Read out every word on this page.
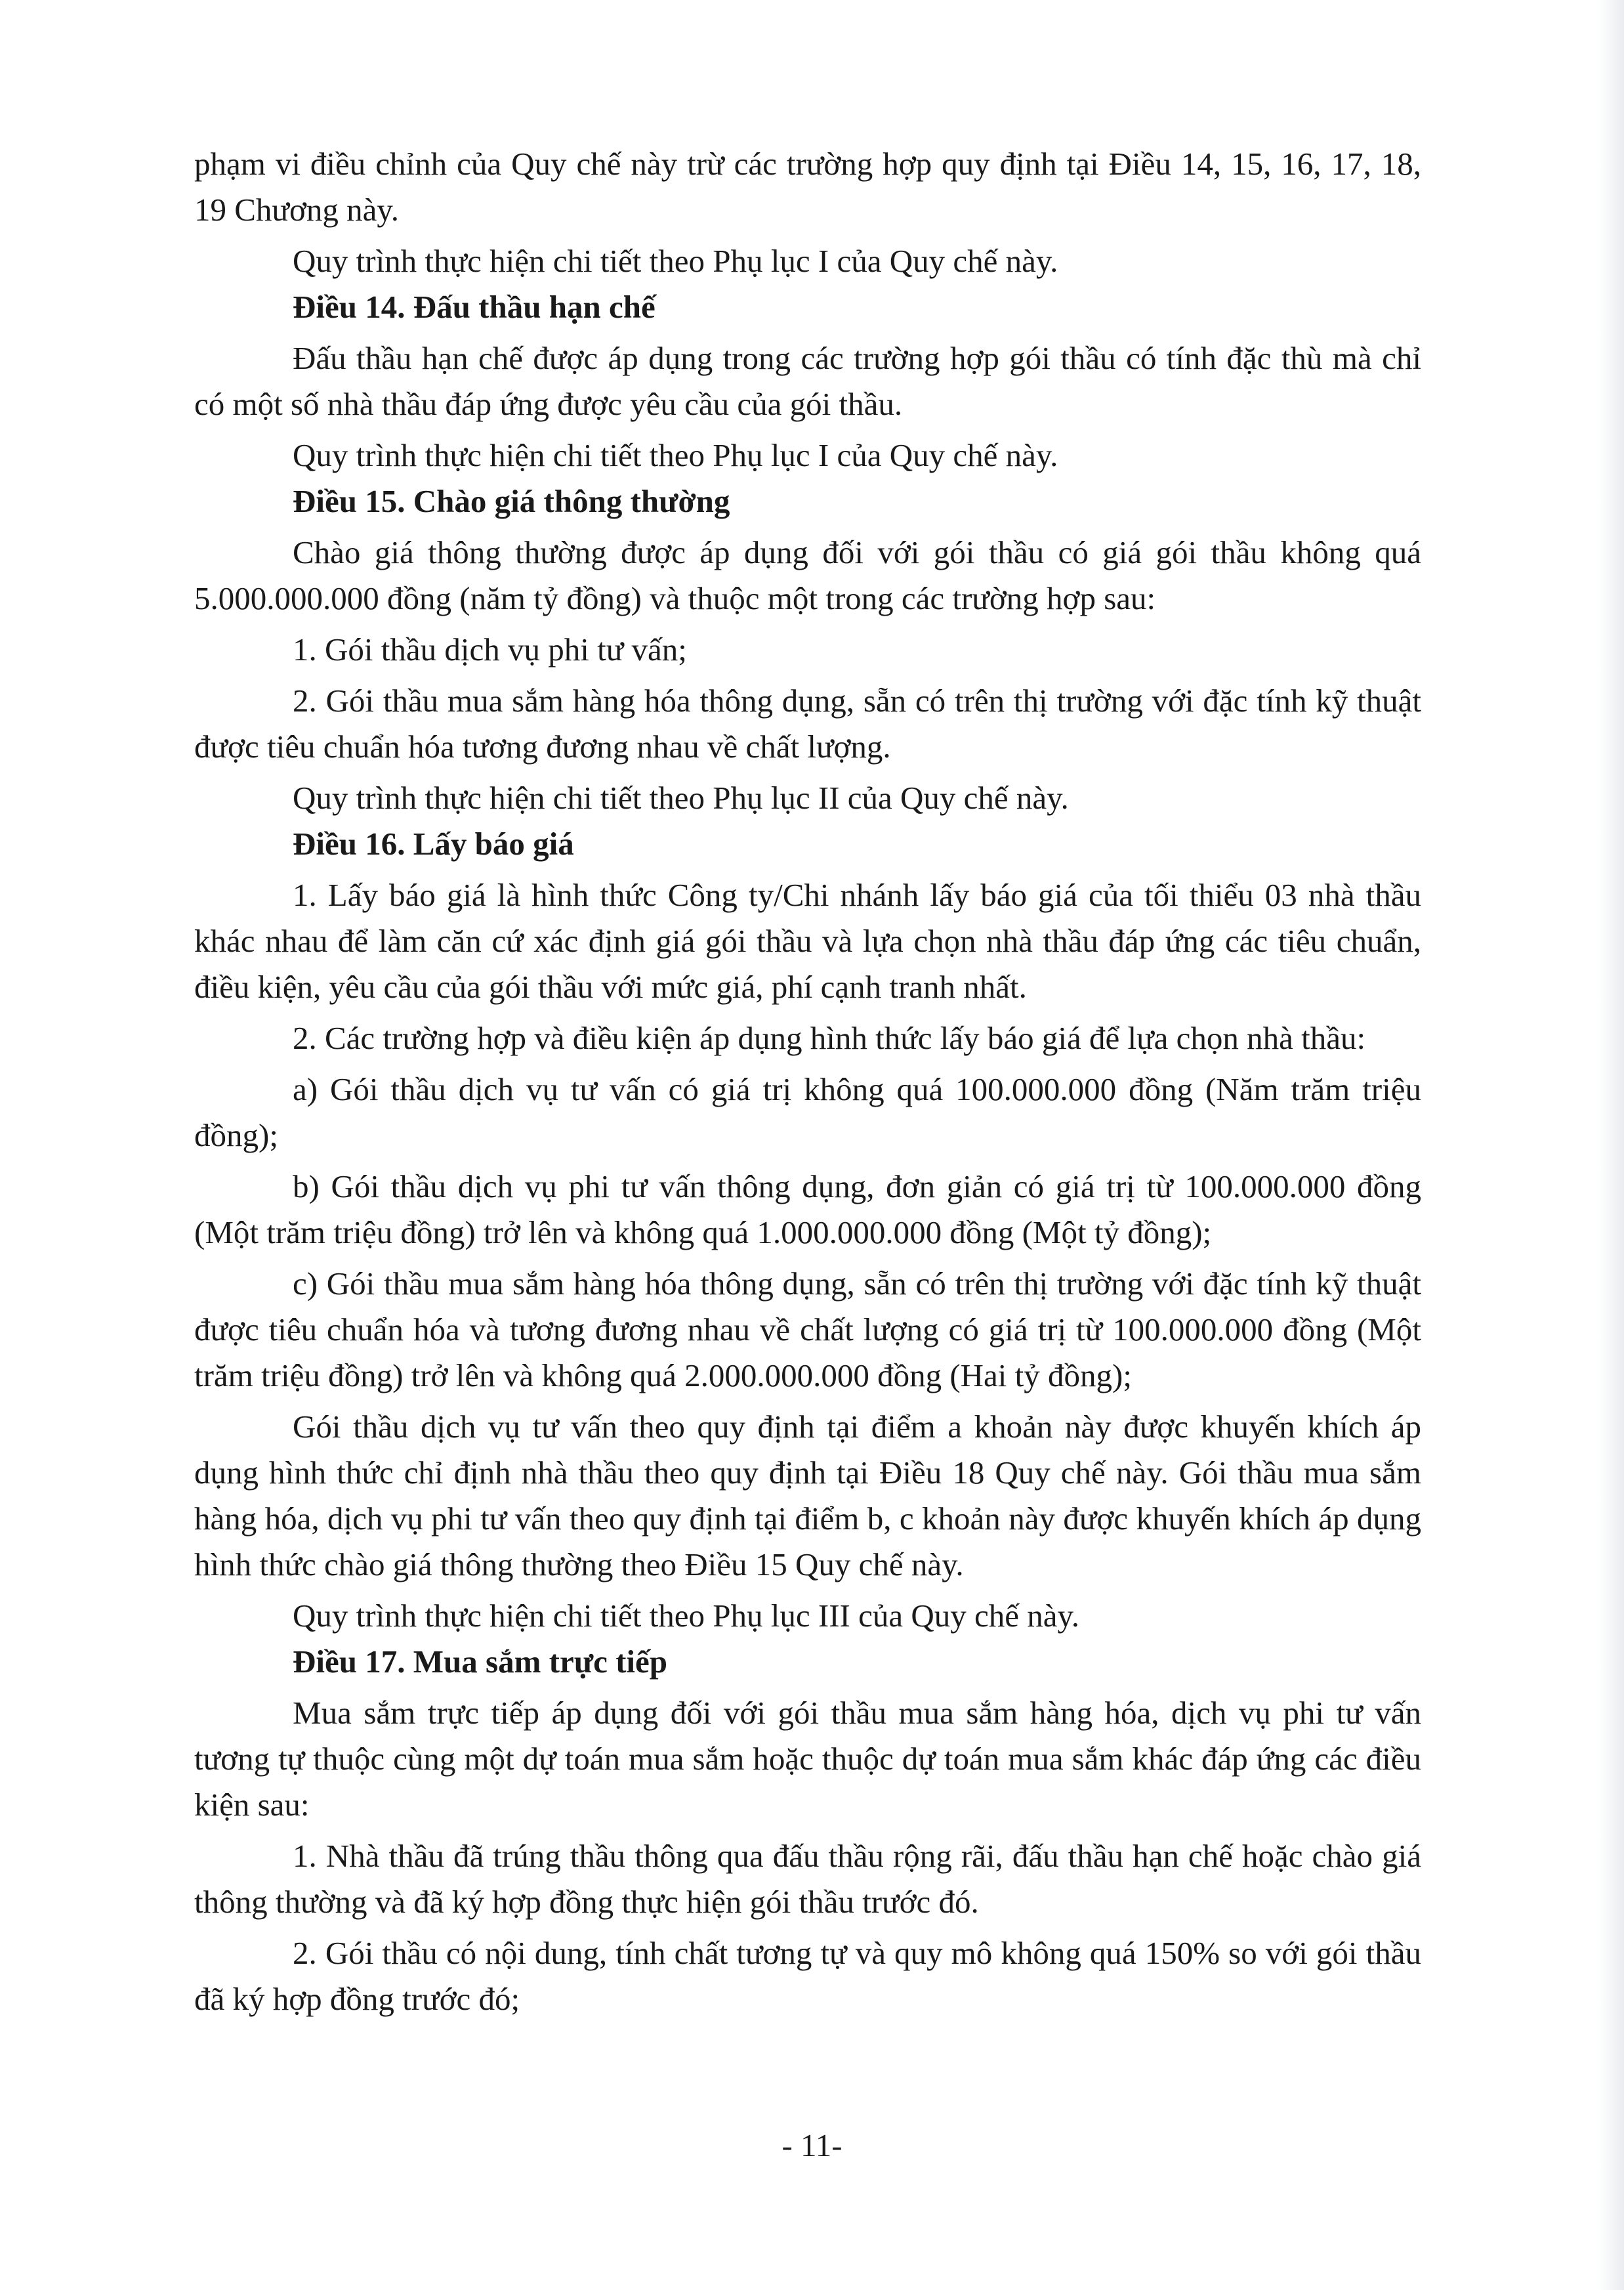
phạm vi điều chỉnh của Quy chế này trừ các trường hợp quy định tại Điều 14, 15, 16, 17, 18, 19 Chương này.

Quy trình thực hiện chi tiết theo Phụ lục I của Quy chế này.

Điều 14. Đấu thầu hạn chế

Đấu thầu hạn chế được áp dụng trong các trường hợp gói thầu có tính đặc thù mà chỉ có một số nhà thầu đáp ứng được yêu cầu của gói thầu.

Quy trình thực hiện chi tiết theo Phụ lục I của Quy chế này.

Điều 15. Chào giá thông thường

Chào giá thông thường được áp dụng đối với gói thầu có giá gói thầu không quá 5.000.000.000 đồng (năm tỷ đồng) và thuộc một trong các trường hợp sau:

1. Gói thầu dịch vụ phi tư vấn;

2. Gói thầu mua sắm hàng hóa thông dụng, sẵn có trên thị trường với đặc tính kỹ thuật được tiêu chuẩn hóa tương đương nhau về chất lượng.

Quy trình thực hiện chi tiết theo Phụ lục II của Quy chế này.

Điều 16. Lấy báo giá

1. Lấy báo giá là hình thức Công ty/Chi nhánh lấy báo giá của tối thiểu 03 nhà thầu khác nhau để làm căn cứ xác định giá gói thầu và lựa chọn nhà thầu đáp ứng các tiêu chuẩn, điều kiện, yêu cầu của gói thầu với mức giá, phí cạnh tranh nhất.

2. Các trường hợp và điều kiện áp dụng hình thức lấy báo giá để lựa chọn nhà thầu:

a) Gói thầu dịch vụ tư vấn có giá trị không quá 100.000.000 đồng (Năm trăm triệu đồng);

b) Gói thầu dịch vụ phi tư vấn thông dụng, đơn giản có giá trị từ 100.000.000 đồng (Một trăm triệu đồng) trở lên và không quá 1.000.000.000 đồng (Một tỷ đồng);

c) Gói thầu mua sắm hàng hóa thông dụng, sẵn có trên thị trường với đặc tính kỹ thuật được tiêu chuẩn hóa và tương đương nhau về chất lượng có giá trị từ 100.000.000 đồng (Một trăm triệu đồng) trở lên và không quá 2.000.000.000 đồng (Hai tỷ đồng);

Gói thầu dịch vụ tư vấn theo quy định tại điểm a khoản này được khuyến khích áp dụng hình thức chỉ định nhà thầu theo quy định tại Điều 18 Quy chế này. Gói thầu mua sắm hàng hóa, dịch vụ phi tư vấn theo quy định tại điểm b, c khoản này được khuyến khích áp dụng hình thức chào giá thông thường theo Điều 15 Quy chế này.

Quy trình thực hiện chi tiết theo Phụ lục III của Quy chế này.

Điều 17. Mua sắm trực tiếp

Mua sắm trực tiếp áp dụng đối với gói thầu mua sắm hàng hóa, dịch vụ phi tư vấn tương tự thuộc cùng một dự toán mua sắm hoặc thuộc dự toán mua sắm khác đáp ứng các điều kiện sau:

1. Nhà thầu đã trúng thầu thông qua đấu thầu rộng rãi, đấu thầu hạn chế hoặc chào giá thông thường và đã ký hợp đồng thực hiện gói thầu trước đó.

2. Gói thầu có nội dung, tính chất tương tự và quy mô không quá 150% so với gói thầu đã ký hợp đồng trước đó;

- 11-
